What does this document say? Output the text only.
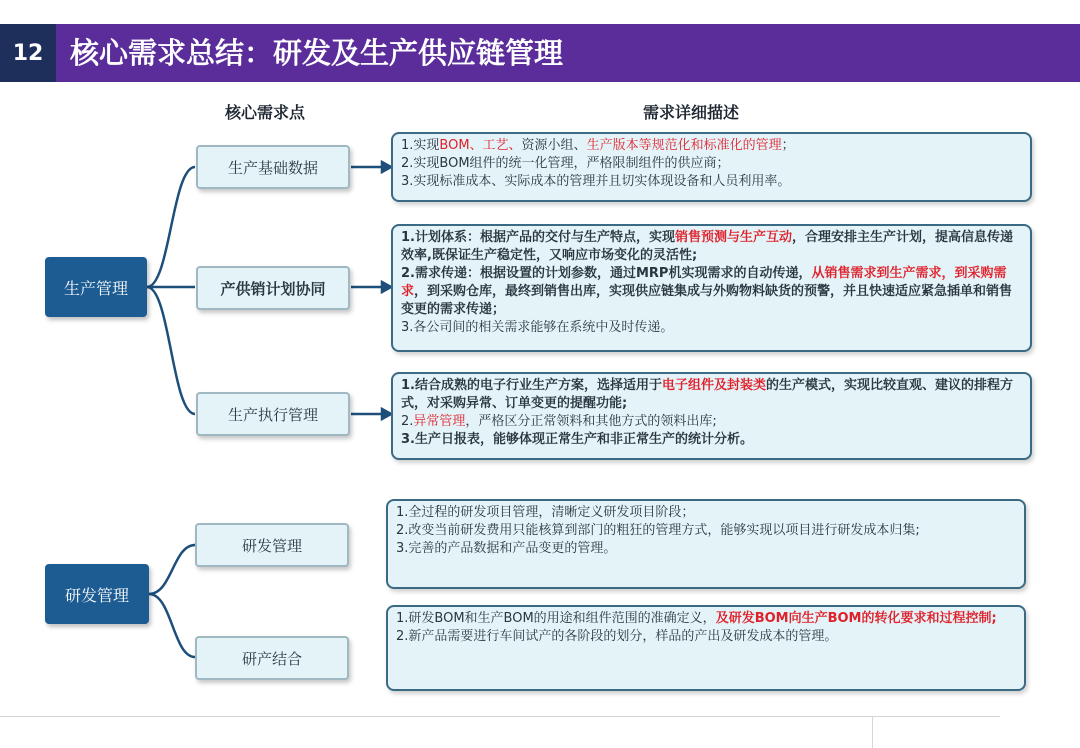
12 核心需求总结：研发及生产供应链管理
核心需求点	需求详细描述
生产管理
生产基础数据

1.实现BOM、工艺、资源小组、生产版本等规范化和标准化的管理；

2.实现BOM组件的统一化管理，严格限制组件的供应商；

3.实现标准成本、实际成本的管理并且切实体现设备和人员利用率。

产供销计划协同

1.计划体系：根据产品的交付与生产特点，实现销售预测与生产互动，合理安排主生产计划，提高信息传递效率,既保证生产稳定性，又响应市场变化的灵活性;

2.需求传递：根据设置的计划参数，通过MRP机实现需求的自动传递，从销售需求到生产需求，到采购需求，到采购仓库，最终到销售出库，实现供应链集成与外购物料缺货的预警，并且快速适应紧急插单和销售变更的需求传递；

3.各公司间的相关需求能够在系统中及时传递。

生产执行管理

1.结合成熟的电子行业生产方案，选择适用于电子组件及封装类的生产模式，实现比较直观、建议的排程方式，对采购异常、订单变更的提醒功能;

2.异常管理，严格区分正常领料和其他方式的领料出库;

3.生产日报表，能够体现正常生产和非正常生产的统计分析。

研发管理
研发管理

1.全过程的研发项目管理，清晰定义研发项目阶段；

2.改变当前研发费用只能核算到部门的粗狂的管理方式，能够实现以项目进行研发成本归集;

3.完善的产品数据和产品变更的管理。

研产结合

1.研发BOM和生产BOM的用途和组件范围的准确定义，及研发BOM向生产BOM的转化要求和过程控制;

2.新产品需要进行车间试产的各阶段的划分，样品的产出及研发成本的管理。
